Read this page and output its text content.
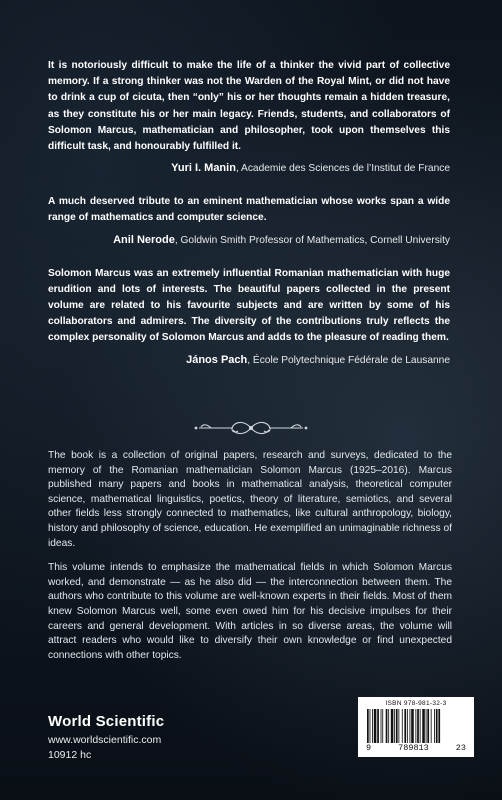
It is notoriously difficult to make the life of a thinker the vivid part of collective memory. If a strong thinker was not the Warden of the Royal Mint, or did not have to drink a cup of cicuta, then “only” his or her thoughts remain a hidden treasure, as they constitute his or her main legacy. Friends, students, and collaborators of Solomon Marcus, mathematician and philosopher, took upon themselves this difficult task, and honourably fulfilled it.

Yuri I. Manin, Academie des Sciences de l’Institut de France

A much deserved tribute to an eminent mathematician whose works span a wide range of mathematics and computer science.

Anil Nerode, Goldwin Smith Professor of Mathematics, Cornell University

Solomon Marcus was an extremely influential Romanian mathematician with huge erudition and lots of interests. The beautiful papers collected in the present volume are related to his favourite subjects and are written by some of his collaborators and admirers. The diversity of the contributions truly reflects the complex personality of Solomon Marcus and adds to the pleasure of reading them.

János Pach, École Polytechnique Fédérale de Lausanne

The book is a collection of original papers, research and surveys, dedicated to the memory of the Romanian mathematician Solomon Marcus (1925–2016). Marcus published many papers and books in mathematical analysis, theoretical computer science, mathematical linguistics, poetics, theory of literature, semiotics, and several other fields less strongly connected to mathematics, like cultural anthropology, biology, history and philosophy of science, education. He exemplified an unimaginable richness of ideas.

This volume intends to emphasize the mathematical fields in which Solomon Marcus worked, and demonstrate — as he also did — the interconnection between them. The authors who contribute to this volume are well-known experts in their fields. Most of them knew Solomon Marcus well, some even owed him for his decisive impulses for their careers and general development. With articles in so diverse areas, the volume will attract readers who would like to diversify their own knowledge or find unexpected connections with other topics.

World Scientific
www.worldscientific.com
10912 hc
ISBN 978-981-32-3
9	789813	23
